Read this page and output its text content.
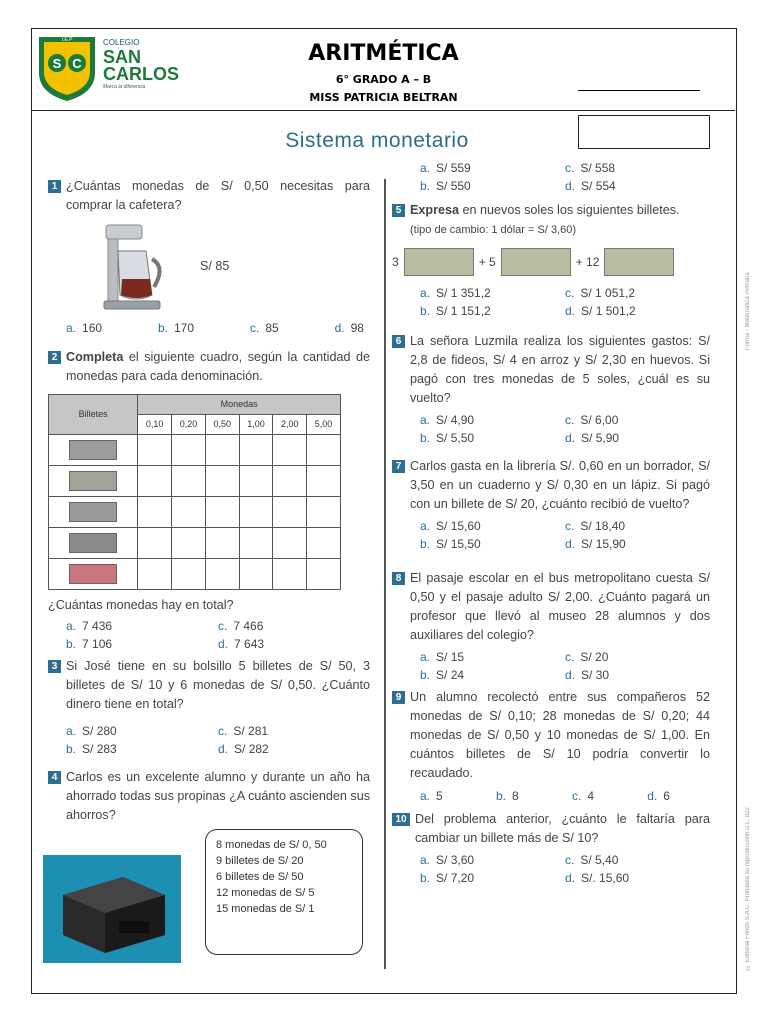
S C
I.E.P	COLEGIO
SAN
CARLOS
Marca la diferencia
ARITMÉTICA
6° GRADO A – B
MISS PATRICIA BELTRAN
Sistema monetario
1 ¿Cuántas monedas de S/ 0,50 necesitas para comprar la cafetera?
S/ 85
a. 160	b. 170	c. 85	d. 98
2 Completa el siguiente cuadro, según la cantidad de monedas para cada denominación.
Billetes	Monedas					
	0,10	0,20	0,50	1,00	2,00	5,00

¿Cuántas monedas hay en total?
a. 7 436	c. 7 466
b. 7 106	d. 7 643
3 Si José tiene en su bolsillo 5 billetes de S/ 50, 3 billetes de S/ 10 y 6 monedas de S/ 0,50. ¿Cuánto dinero tiene en total?
a. S/ 280	c. S/ 281
b. S/ 283	d. S/ 282
4 Carlos es un excelente alumno y durante un año ha ahorrado todas sus propinas ¿A cuánto ascienden sus ahorros?
8 monedas de S/ 0, 50
9 billetes de S/ 20
6 billetes de S/ 50
12 monedas de S/ 5
15 monedas de S/ 1
a. S/ 559	c. S/ 558
b. S/ 550	d. S/ 554
5 Expresa en nuevos soles los siguientes billetes.
(tipo de cambio: 1 dólar = S/ 3,60)
3	+ 5	+ 12
a. S/ 1 351,2	c. S/ 1 051,2
b. S/ 1 151,2	d. S/ 1 501,2
6 La señora Luzmila realiza los siguientes gastos: S/ 2,8 de fideos, S/ 4 en arroz y S/ 2,30 en huevos. Si pagó con tres monedas de 5 soles, ¿cuál es su vuelto?
a. S/ 4,90	c. S/ 6,00
b. S/ 5,50	d. S/ 5,90
7 Carlos gasta en la librería S/. 0,60 en un borrador, S/ 3,50 en un cuaderno y S/ 0,30 en un lápiz. Si pagó con un billete de S/ 20, ¿cuánto recibió de vuelto?
a. S/ 15,60	c. S/ 18,40
b. S/ 15,50	d. S/ 15,90
8 El pasaje escolar en el bus metropolitano cuesta S/ 0,50 y el pasaje adulto S/ 2,00. ¿Cuánto pagará un profesor que llevó al museo 28 alumnos y dos auxiliares del colegio?
a. S/ 15	c. S/ 20
b. S/ 24	d. S/ 30
9 Un alumno recolectó entre sus compañeros 52 monedas de S/ 0,10; 28 monedas de S/ 0,20; 44 monedas de S/ 0,50 y 10 monedas de S/ 1,00. En cuántos billetes de S/ 10 podría convertir lo recaudado.
a. 5	b. 8	c. 4	d. 6
10 Del problema anterior, ¿cuánto le faltaría para cambiar un billete más de S/ 10?
a. S/ 3,60	c. S/ 5,40
b. S/ 7,20	d. S/. 15,60
Forma - Matemática Primaria
© Editorial Fondo S.A.C. Prohibida su reproducción D.L. 822
